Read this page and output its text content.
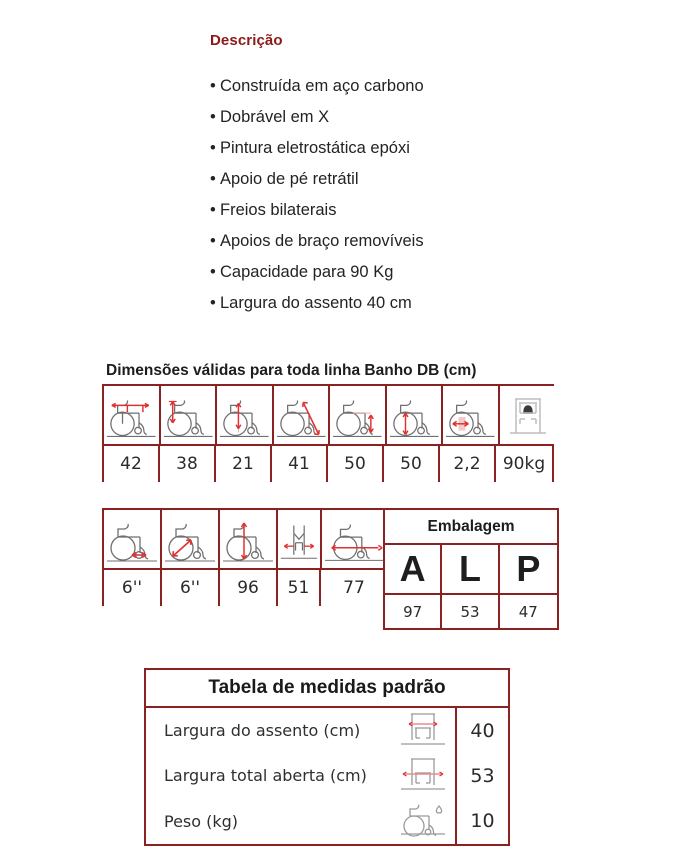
Descrição
• Construída em aço carbono
• Dobrável em X
• Pintura eletrostática epóxi
• Apoio de pé retrátil
• Freios bilaterais
• Apoios de braço removíveis
• Capacidade para 90 Kg
• Largura do assento 40 cm
Dimensões válidas para toda linha Banho DB (cm)
42	38	21	41	50	50	2,2	90kg
6''	6''	96	51	77
Embalagem
A L P
97	53	47
Tabela de medidas padrão
Largura do assento (cm)	40
Largura total aberta (cm)	53
Peso (kg)	10
